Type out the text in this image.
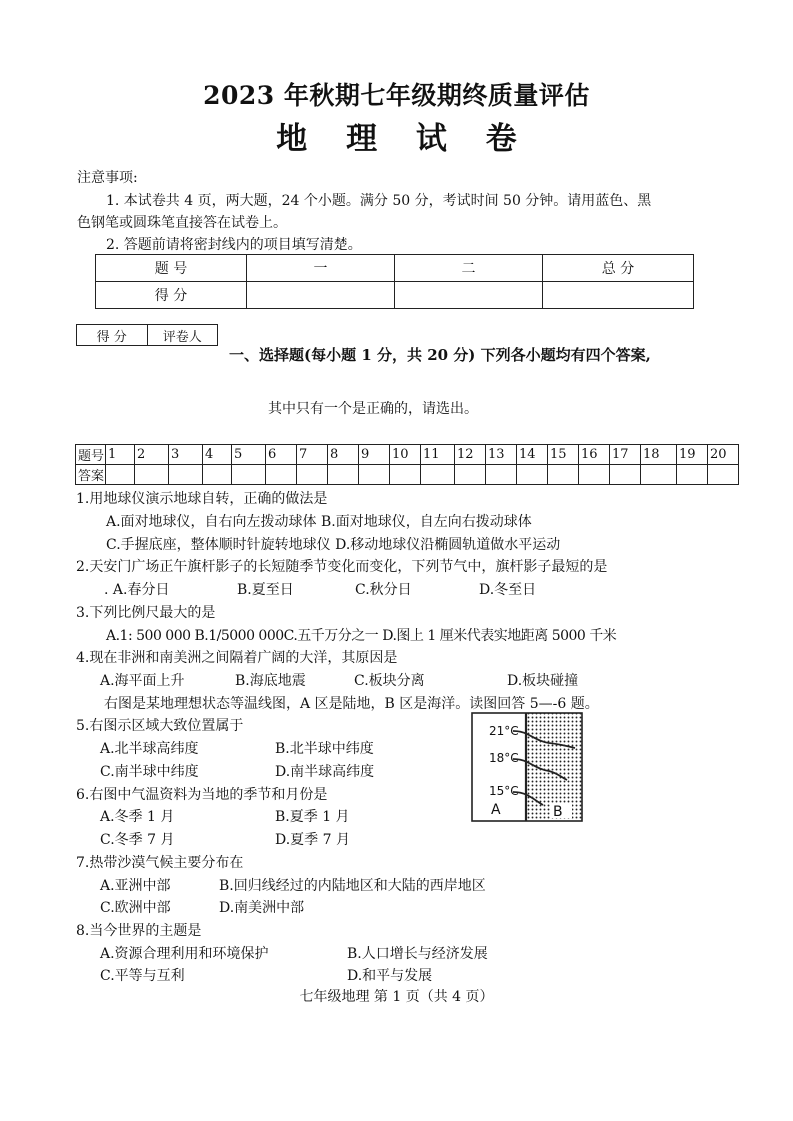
2023 年秋期七年级期终质量评估
地 理 试 卷
注意事项:
1. 本试卷共 4 页，两大题，24 个小题。满分 50 分，考试时间 50 分钟。请用蓝色、黑
色钢笔或圆珠笔直接答在试卷上。
2. 答题前请将密封线内的项目填写清楚。
题 号	一	二	总 分
得 分			
得 分	评卷人
一、选择题(每小题 1 分，共 20 分) 下列各小题均有四个答案,
其中只有一个是正确的，请选出。
题号	1	2	3	4	5	6	7	8	9	10	11	12	13	14	15	16	17	18	19	20
答案																				
1.用地球仪演示地球自转，正确的做法是
A.面对地球仪，自右向左拨动球体 B.面对地球仪，自左向右拨动球体
C.手握底座，整体顺时针旋转地球仪 D.移动地球仪沿椭圆轨道做水平运动
2.天安门广场正午旗杆影子的长短随季节变化而变化，下列节气中，旗杆影子最短的是
. A.春分日	B.夏至日	C.秋分日	D.冬至日
3.下列比例尺最大的是
A.1: 500 000 B.1/5000 000C.五千万分之一 D.图上 1 厘米代表实地距离 5000 千米
4.现在非洲和南美洲之间隔着广阔的大洋，其原因是
A.海平面上升	B.海底地震	C.板块分离	D.板块碰撞
右图是某地理想状态等温线图，A 区是陆地，B 区是海洋。读图回答 5—-6 题。
5.右图示区域大致位置属于
A.北半球高纬度	B.北半球中纬度
C.南半球中纬度	D.南半球高纬度
6.右图中气温资料为当地的季节和月份是
A.冬季 1 月	B.夏季 1 月
C.冬季 7 月	D.夏季 7 月
7.热带沙漠气候主要分布在
A.亚洲中部	B.回归线经过的内陆地区和大陆的西岸地区
C.欧洲中部	D.南美洲中部
8.当今世界的主题是
A.资源合理利用和环境保护	B.人口增长与经济发展
C.平等与互利	D.和平与发展
21°C
18°C
15°C
A	B
七年级地理 第 1 页（共 4 页）
